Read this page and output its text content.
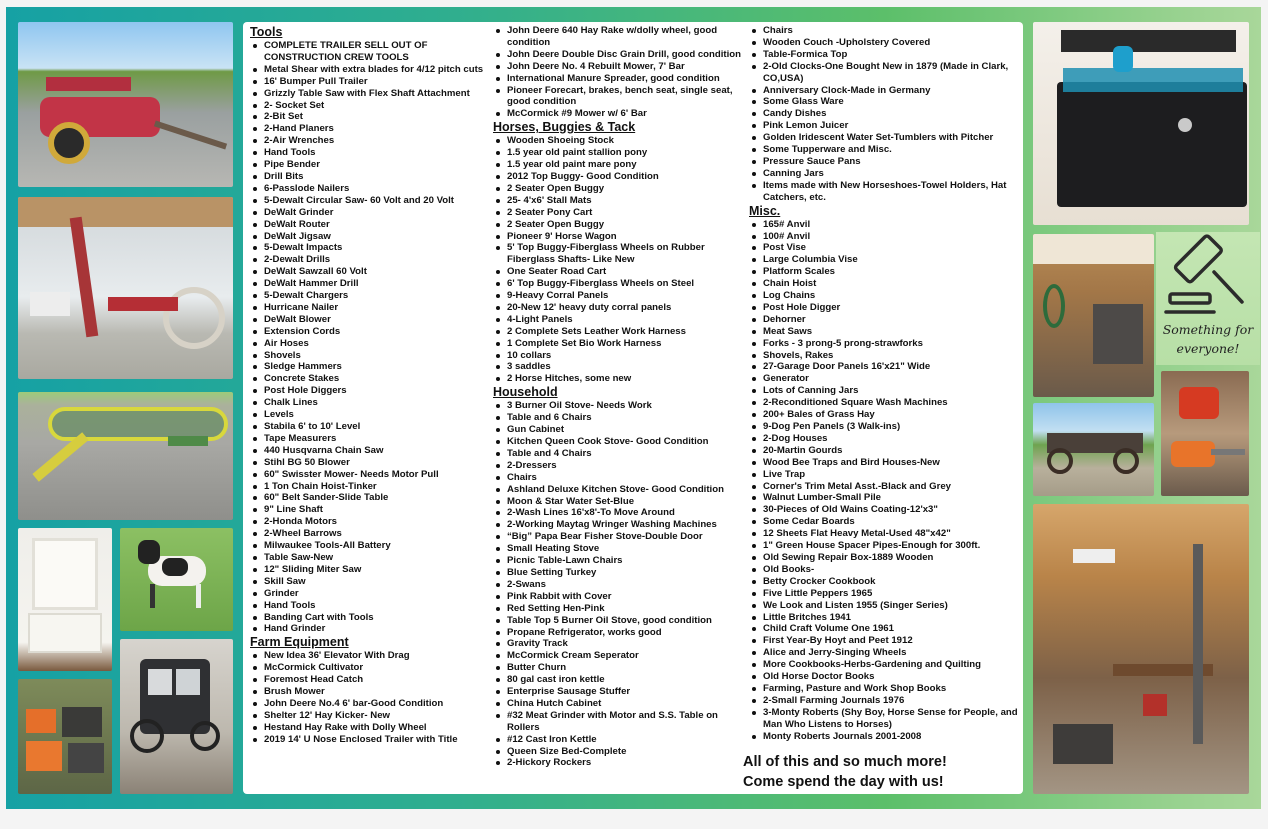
Tools
COMPLETE TRAILER SELL OUT OF CONSTRUCTION CREW TOOLS
Metal Shear with extra blades for 4/12 pitch cuts
16' Bumper Pull Trailer
Grizzly Table Saw with Flex Shaft Attachment
2- Socket Set
2-Bit Set
2-Hand Planers
2-Air Wrenches
Hand Tools
Pipe Bender
Drill Bits
6-Passlode Nailers
5-Dewalt Circular Saw- 60 Volt and 20 Volt
DeWalt Grinder
DeWalt Router
DeWalt Jigsaw
5-Dewalt Impacts
2-Dewalt Drills
DeWalt Sawzall 60 Volt
DeWalt Hammer Drill
5-Dewalt Chargers
Hurricane Nailer
DeWalt Blower
Extension Cords
Air Hoses
Shovels
Sledge Hammers
Concrete Stakes
Post Hole Diggers
Chalk Lines
Levels
Stabila 6' to 10' Level
Tape Measurers
440 Husqvarna Chain Saw
Stihl BG 50 Blower
60" Swisster Mower- Needs Motor Pull
1 Ton Chain Hoist-Tinker
60" Belt Sander-Slide Table
9" Line Shaft
2-Honda Motors
2-Wheel Barrows
Milwaukee Tools-All Battery
Table Saw-New
12" Sliding Miter Saw
Skill Saw
Grinder
Hand Tools
Banding Cart with Tools
Hand Grinder
Farm Equipment
New Idea 36' Elevator With Drag
McCormick Cultivator
Foremost Head Catch
Brush Mower
John Deere No.4 6' bar-Good Condition
Shelter 12' Hay Kicker- New
Hestand Hay Rake with Dolly Wheel
2019 14' U Nose Enclosed Trailer with Title
John Deere 640 Hay Rake w/dolly wheel, good condition
John Deere Double Disc Grain Drill, good condition
John Deere No. 4 Rebuilt Mower, 7' Bar
International Manure Spreader, good condition
Pioneer Forecart, brakes, bench seat, single seat, good condition
McCormick #9 Mower w/ 6' Bar
Horses, Buggies & Tack
Wooden Shoeing Stock
1.5 year old paint stallion pony
1.5 year old paint mare pony
2012 Top Buggy- Good Condition
2 Seater Open Buggy
25- 4'x6' Stall Mats
2 Seater Pony Cart
2 Seater Open Buggy
Pioneer 9' Horse Wagon
5' Top Buggy-Fiberglass Wheels on Rubber Fiberglass Shafts- Like New
One Seater Road Cart
6' Top Buggy-Fiberglass Wheels on Steel
9-Heavy Corral Panels
20-New 12' heavy duty corral panels
4-Light Panels
2 Complete Sets Leather Work Harness
1 Complete Set Bio Work Harness
10 collars
3 saddles
2 Horse Hitches, some new
Household
3 Burner Oil Stove- Needs Work
Table and 6 Chairs
Gun Cabinet
Kitchen Queen Cook Stove- Good Condition
Table and 4 Chairs
2-Dressers
Chairs
Ashland Deluxe Kitchen Stove- Good Condition
Moon & Star Water Set-Blue
2-Wash Lines 16'x8'-To Move Around
2-Working Maytag Wringer Washing Machines
“Big” Papa Bear Fisher Stove-Double Door
Small Heating Stove
Picnic Table-Lawn Chairs
Blue Setting Turkey
2-Swans
Pink Rabbit with Cover
Red Setting Hen-Pink
Table Top 5 Burner Oil Stove, good condition
Propane Refrigerator, works good
Gravity Track
McCormick Cream Seperator
Butter Churn
80 gal cast iron kettle
Enterprise Sausage Stuffer
China Hutch Cabinet
#32 Meat Grinder with Motor and S.S. Table on Rollers
#12 Cast Iron Kettle
Queen Size Bed-Complete
2-Hickory Rockers
Chairs
Wooden Couch -Upholstery Covered
Table-Formica Top
2-Old Clocks-One Bought New in 1879 (Made in Clark, CO,USA)
Anniversary Clock-Made in Germany
Some Glass Ware
Candy Dishes
Pink Lemon Juicer
Golden Iridescent Water Set-Tumblers with Pitcher
Some Tupperware and Misc.
Pressure Sauce Pans
Canning Jars
Items made with New Horseshoes-Towel Holders, Hat Catchers, etc.
Misc.
165# Anvil
100# Anvil
Post Vise
Large Columbia Vise
Platform Scales
Chain Hoist
Log Chains
Post Hole Digger
Dehorner
Meat Saws
Forks - 3 prong-5 prong-strawforks
Shovels, Rakes
27-Garage Door Panels 16'x21" Wide
Generator
Lots of Canning Jars
2-Reconditioned Square Wash Machines
200+ Bales of Grass Hay
9-Dog Pen Panels (3 Walk-ins)
2-Dog Houses
20-Martin Gourds
Wood Bee Traps and Bird Houses-New
Live Trap
Corner's Trim Metal Asst.-Black and Grey
Walnut Lumber-Small Pile
30-Pieces of Old Wains Coating-12'x3"
Some Cedar Boards
12 Sheets Flat Heavy Metal-Used 48"x42"
1" Green House Spacer Pipes-Enough for 300ft.
Old Sewing Repair Box-1889 Wooden
Old Books-
Betty Crocker Cookbook
Five Little Peppers 1965
We Look and Listen 1955 (Singer Series)
Little Britches 1941
Child Craft Volume One 1961
First Year-By Hoyt and Peet 1912
Alice and Jerry-Singing Wheels
More Cookbooks-Herbs-Gardening and Quilting
Old Horse Doctor Books
Farming, Pasture and Work Shop Books
2-Small Farming Journals 1976
3-Monty Roberts (Shy Boy, Horse Sense for People, and Man Who Listens to Horses)
Monty Roberts Journals 2001-2008
All of this and so much more!
Come spend the day with us!
Something for
everyone!
